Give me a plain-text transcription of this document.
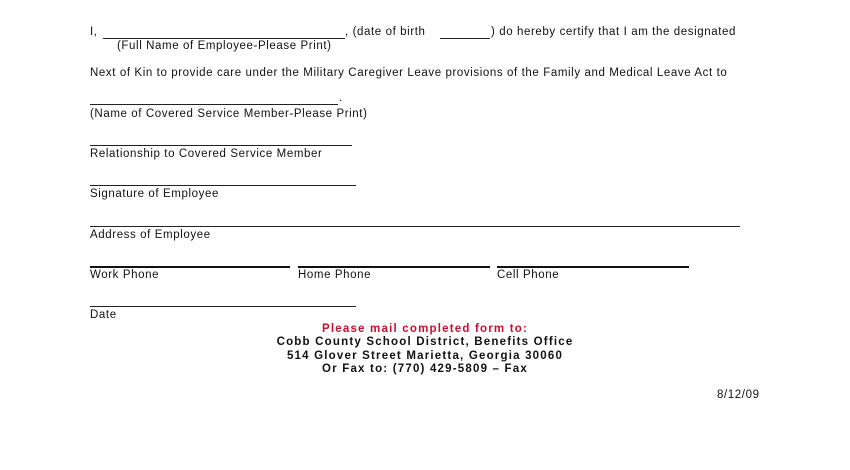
I,	, (date of birth	) do hereby certify that I am the designated
(Full Name of Employee-Please Print)
Next of Kin to provide care under the Military Caregiver Leave provisions of the Family and Medical Leave Act to
.
(Name of Covered Service Member-Please Print)
Relationship to Covered Service Member
Signature of Employee
Address of Employee
Work Phone	Home Phone	Cell Phone
Date
Please mail completed form to:
Cobb County School District, Benefits Office
514 Glover Street Marietta, Georgia 30060
Or Fax to: (770) 429-5809 – Fax
8/12/09
